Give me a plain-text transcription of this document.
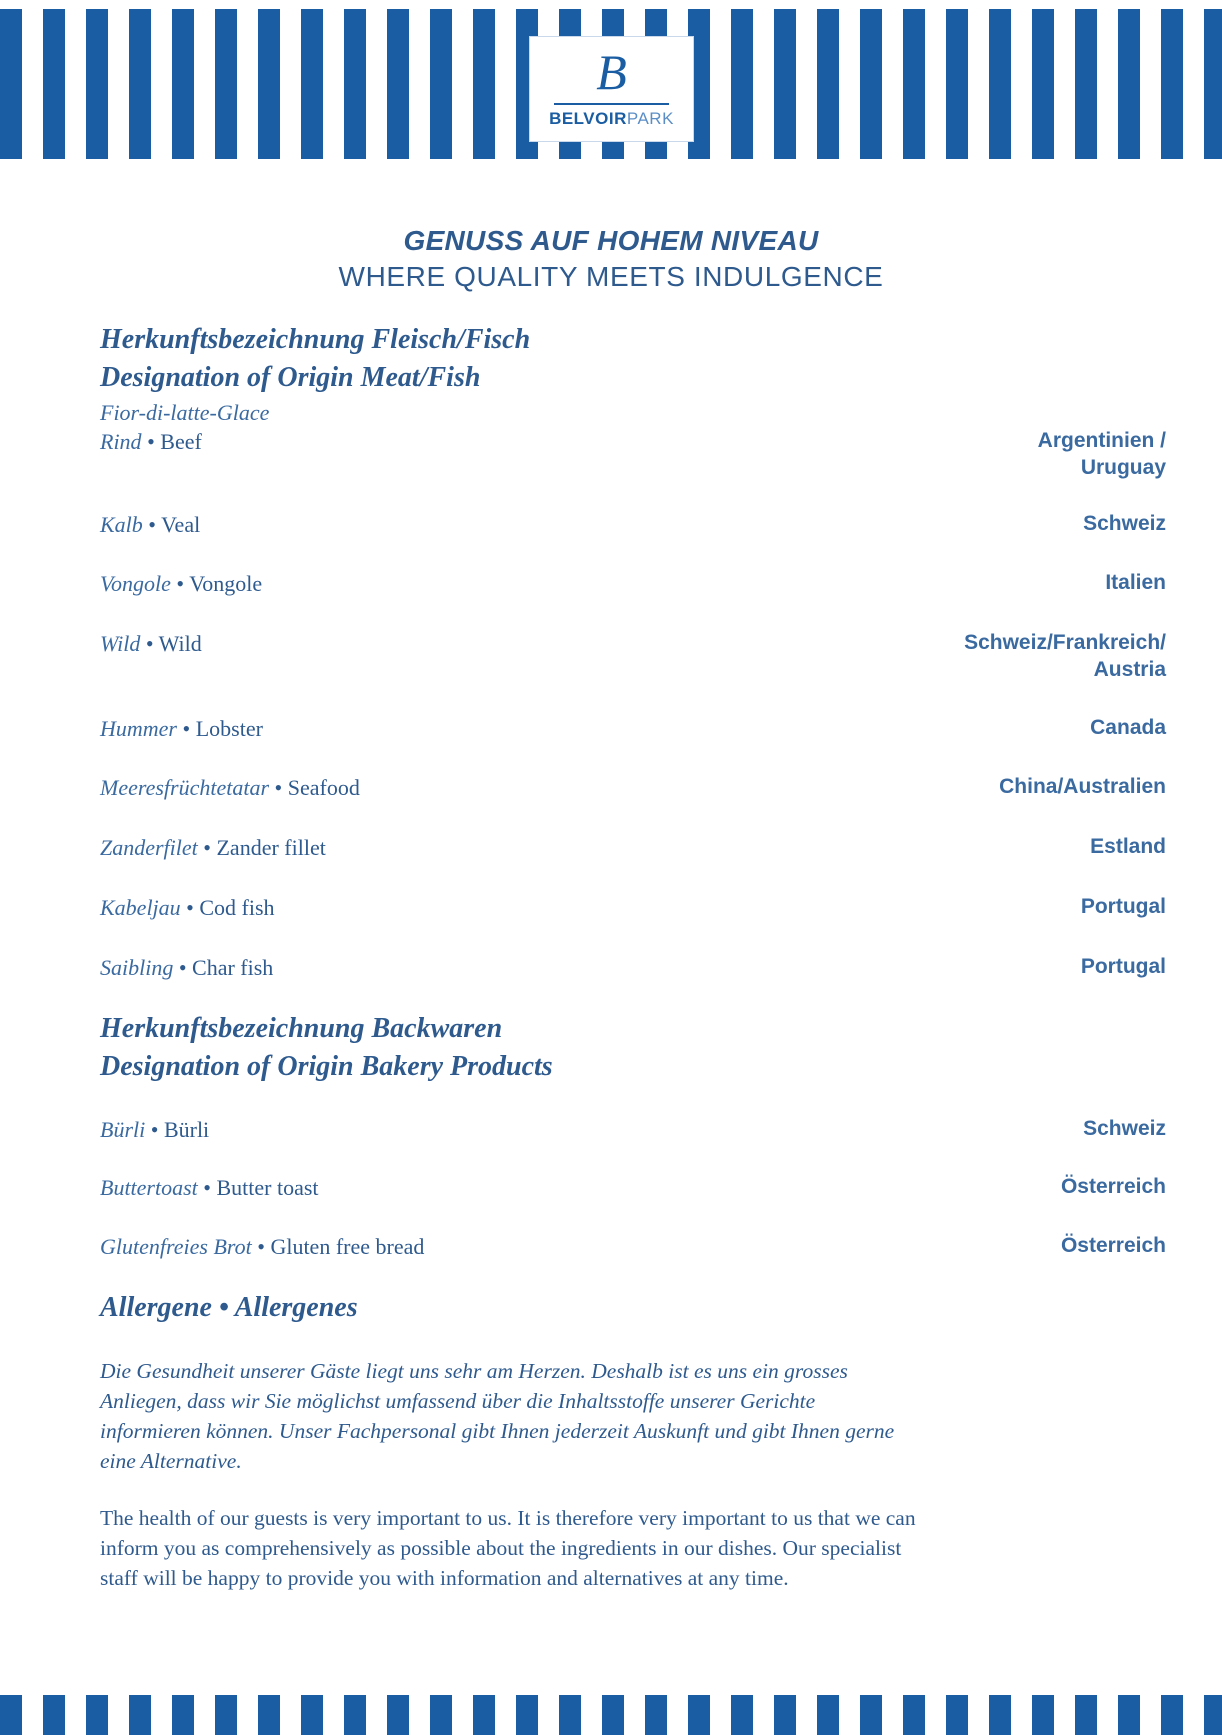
B
BELVOIRPARK
GENUSS AUF HOHEM NIVEAU
WHERE QUALITY MEETS INDULGENCE
Herkunftsbezeichnung Fleisch/Fisch
Designation of Origin Meat/Fish
Fior-di-latte-Glace
Rind • Beef	Argentinien /
Uruguay
Kalb • Veal	Schweiz
Vongole • Vongole	Italien
Wild • Wild	Schweiz/Frankreich/
Austria
Hummer • Lobster	Canada
Meeresfrüchtetatar • Seafood	China/Australien
Zanderfilet • Zander fillet	Estland
Kabeljau • Cod fish	Portugal
Saibling • Char fish	Portugal
Herkunftsbezeichnung Backwaren
Designation of Origin Bakery Products
Bürli • Bürli	Schweiz
Buttertoast • Butter toast	Österreich
Glutenfreies Brot • Gluten free bread	Österreich
Allergene • Allergenes
Die Gesundheit unserer Gäste liegt uns sehr am Herzen. Deshalb ist es uns ein grosses Anliegen, dass wir Sie möglichst umfassend über die Inhaltsstoffe unserer Gerichte informieren können. Unser Fachpersonal gibt Ihnen jederzeit Auskunft und gibt Ihnen gerne eine Alternative.
The health of our guests is very important to us. It is therefore very important to us that we can inform you as comprehensively as possible about the ingredients in our dishes. Our specialist staff will be happy to provide you with information and alternatives at any time.
